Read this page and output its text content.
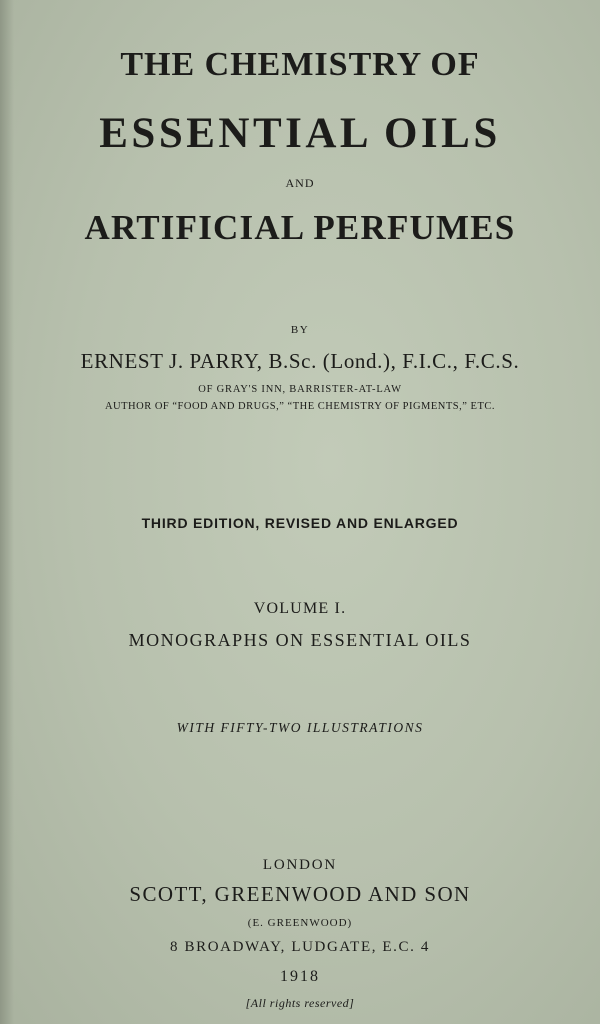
THE CHEMISTRY OF
ESSENTIAL OILS
AND
ARTIFICIAL PERFUMES
BY
ERNEST J. PARRY, B.Sc. (Lond.), F.I.C., F.C.S.
OF GRAY'S INN, BARRISTER-AT-LAW
AUTHOR OF “FOOD AND DRUGS,” “THE CHEMISTRY OF PIGMENTS,” ETC.
THIRD EDITION, REVISED AND ENLARGED
VOLUME I.
MONOGRAPHS ON ESSENTIAL OILS
WITH FIFTY-TWO ILLUSTRATIONS
LONDON
SCOTT, GREENWOOD AND SON
(E. GREENWOOD)
8 BROADWAY, LUDGATE, E.C. 4
1918
[All rights reserved]
